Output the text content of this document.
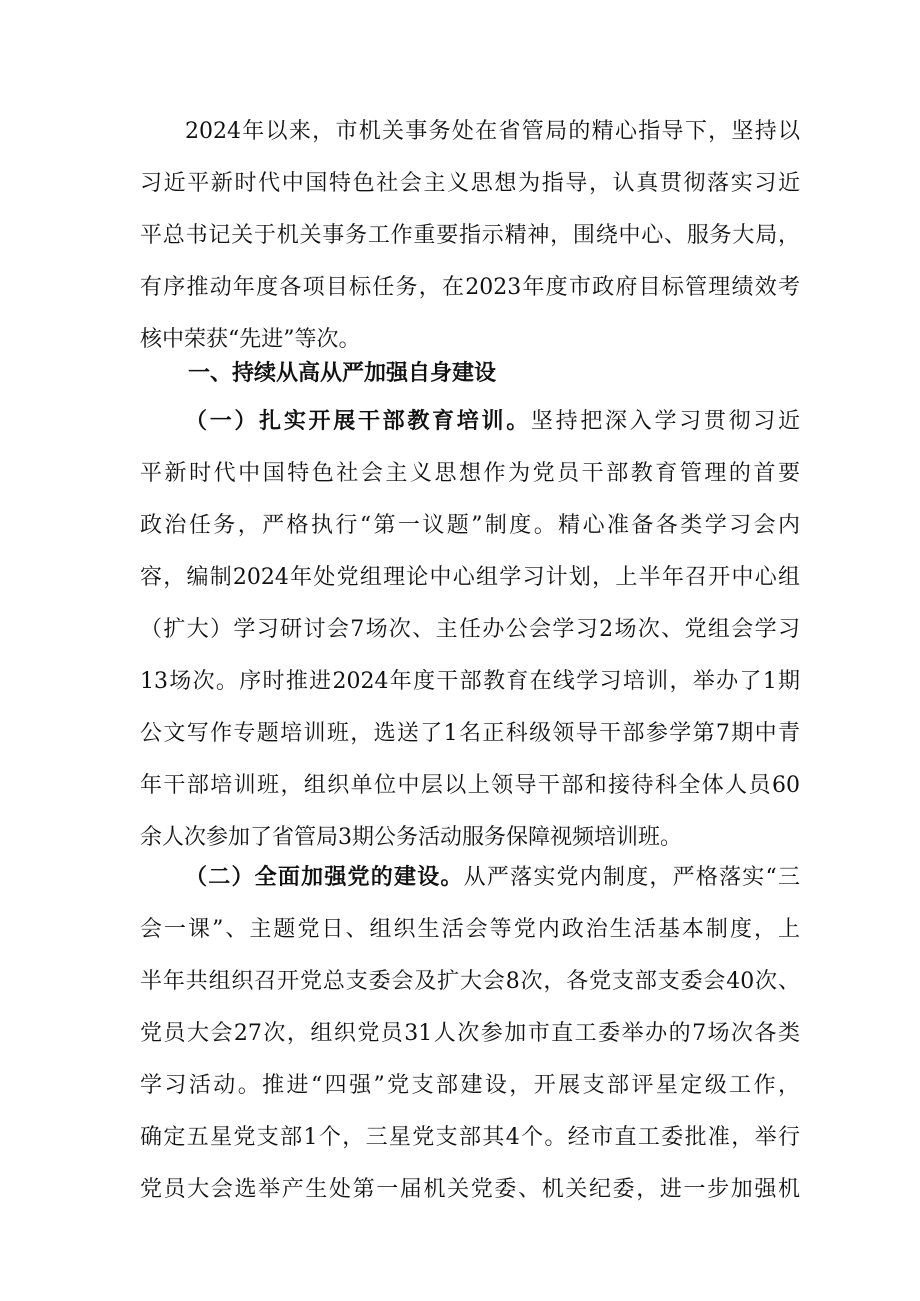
2024年以来，市机关事务处在省管局的精心指导下，坚持以
习近平新时代中国特色社会主义思想为指导，认真贯彻落实习近
平总书记关于机关事务工作重要指示精神，围绕中心、服务大局，
有序推动年度各项目标任务，在2023年度市政府目标管理绩效考
核中荣获“先进”等次。
一、持续从高从严加强自身建设
（一）扎实开展干部教育培训。坚持把深入学习贯彻习近
平新时代中国特色社会主义思想作为党员干部教育管理的首要
政治任务，严格执行“第一议题”制度。精心准备各类学习会内
容，编制2024年处党组理论中心组学习计划，上半年召开中心组
（扩大）学习研讨会7场次、主任办公会学习2场次、党组会学习
13场次。序时推进2024年度干部教育在线学习培训，举办了1期
公文写作专题培训班，选送了1名正科级领导干部参学第7期中青
年干部培训班，组织单位中层以上领导干部和接待科全体人员60
余人次参加了省管局3期公务活动服务保障视频培训班。
（二）全面加强党的建设。从严落实党内制度，严格落实“三
会一课”、主题党日、组织生活会等党内政治生活基本制度，上
半年共组织召开党总支委会及扩大会8次，各党支部支委会40次、
党员大会27次，组织党员31人次参加市直工委举办的7场次各类
学习活动。推进“四强”党支部建设，开展支部评星定级工作，
确定五星党支部1个，三星党支部其4个。经市直工委批准，举行
党员大会选举产生处第一届机关党委、机关纪委，进一步加强机
